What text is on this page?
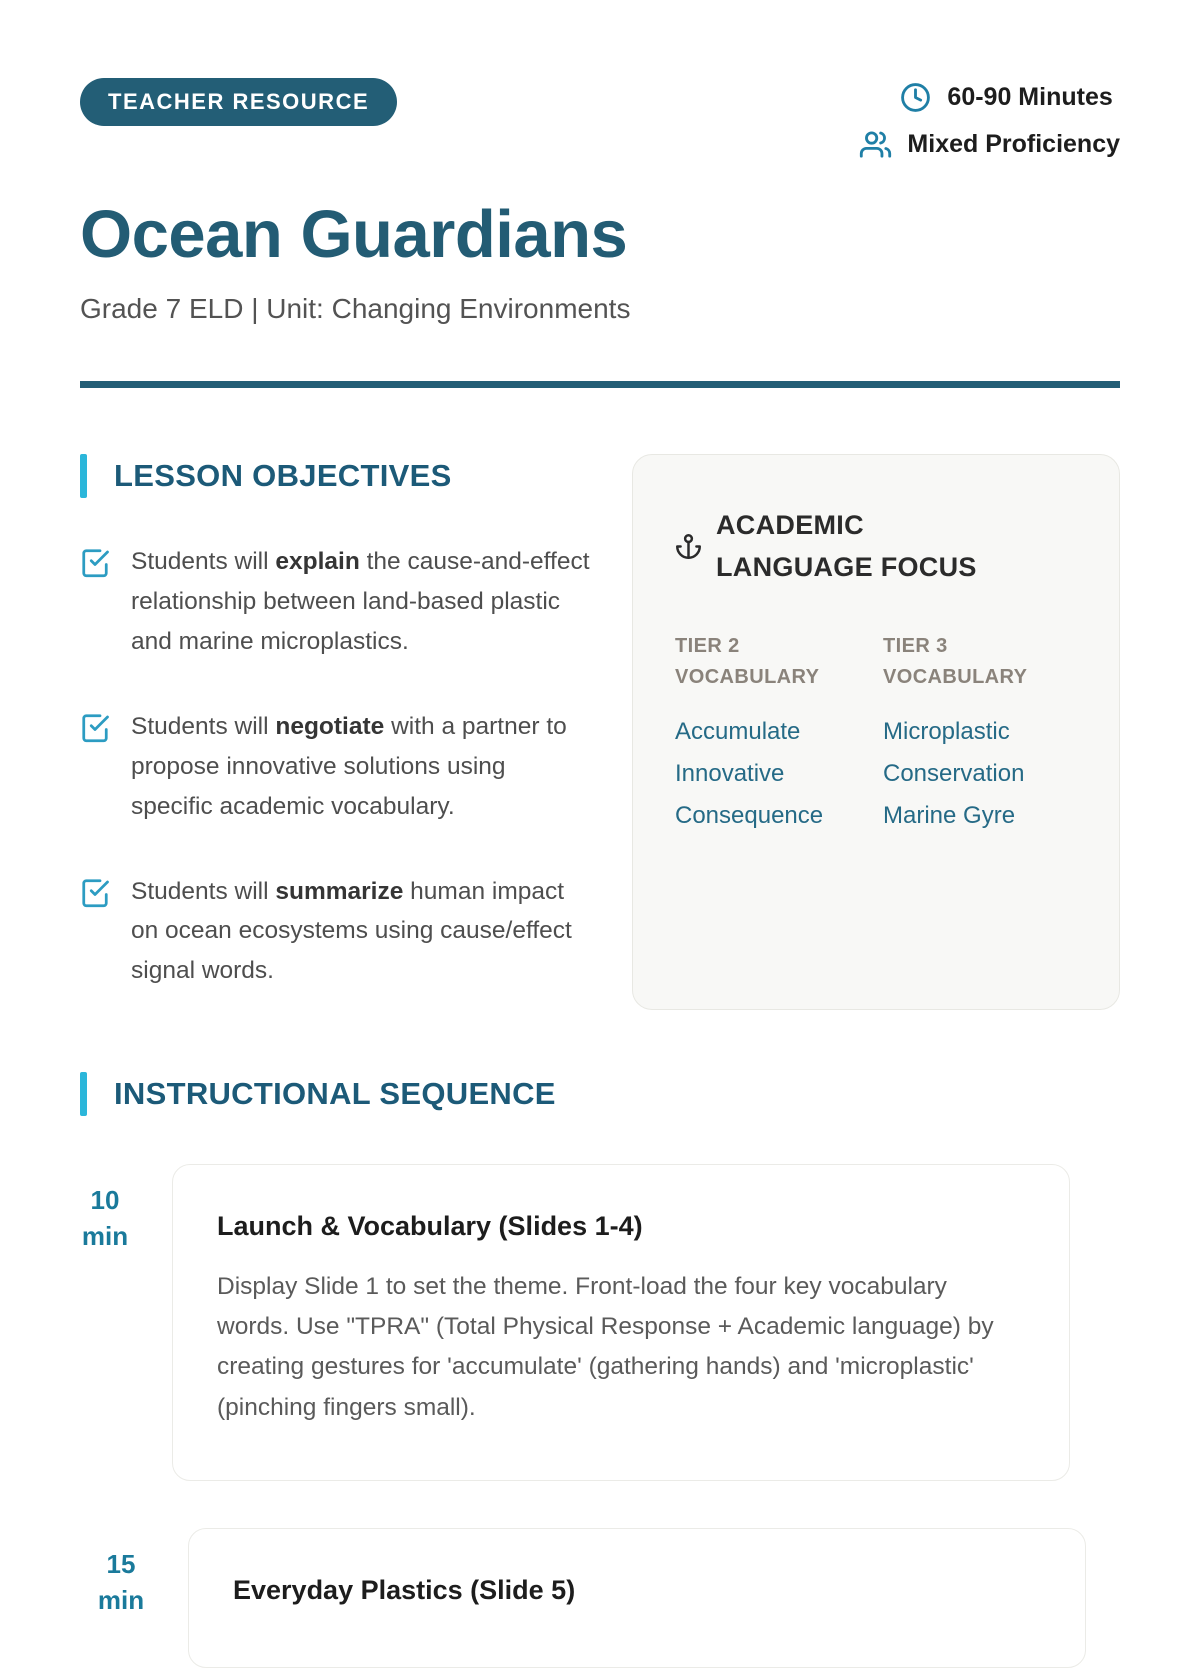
TEACHER RESOURCE	60-90 Minutes
Mixed Proficiency
Ocean Guardians
Grade 7 ELD | Unit: Changing Environments
LESSON OBJECTIVES

Students will explain the cause-and-effect relationship between land-based plastic and marine microplastics.

Students will negotiate with a partner to propose innovative solutions using specific academic vocabulary.

Students will summarize human impact on ocean ecosystems using cause/effect signal words.

ACADEMIC
LANGUAGE FOCUS
TIER 2 VOCABULARY
Accumulate
Innovative
Consequence
TIER 3 VOCABULARY
Microplastic
Conservation
Marine Gyre
INSTRUCTIONAL SEQUENCE
10
min	Launch & Vocabulary (Slides 1-4)

Display Slide 1 to set the theme. Front-load the four key vocabulary words. Use "TPRA" (Total Physical Response + Academic language) by creating gestures for 'accumulate' (gathering hands) and 'microplastic' (pinching fingers small).

15
min	Everyday Plastics (Slide 5)
